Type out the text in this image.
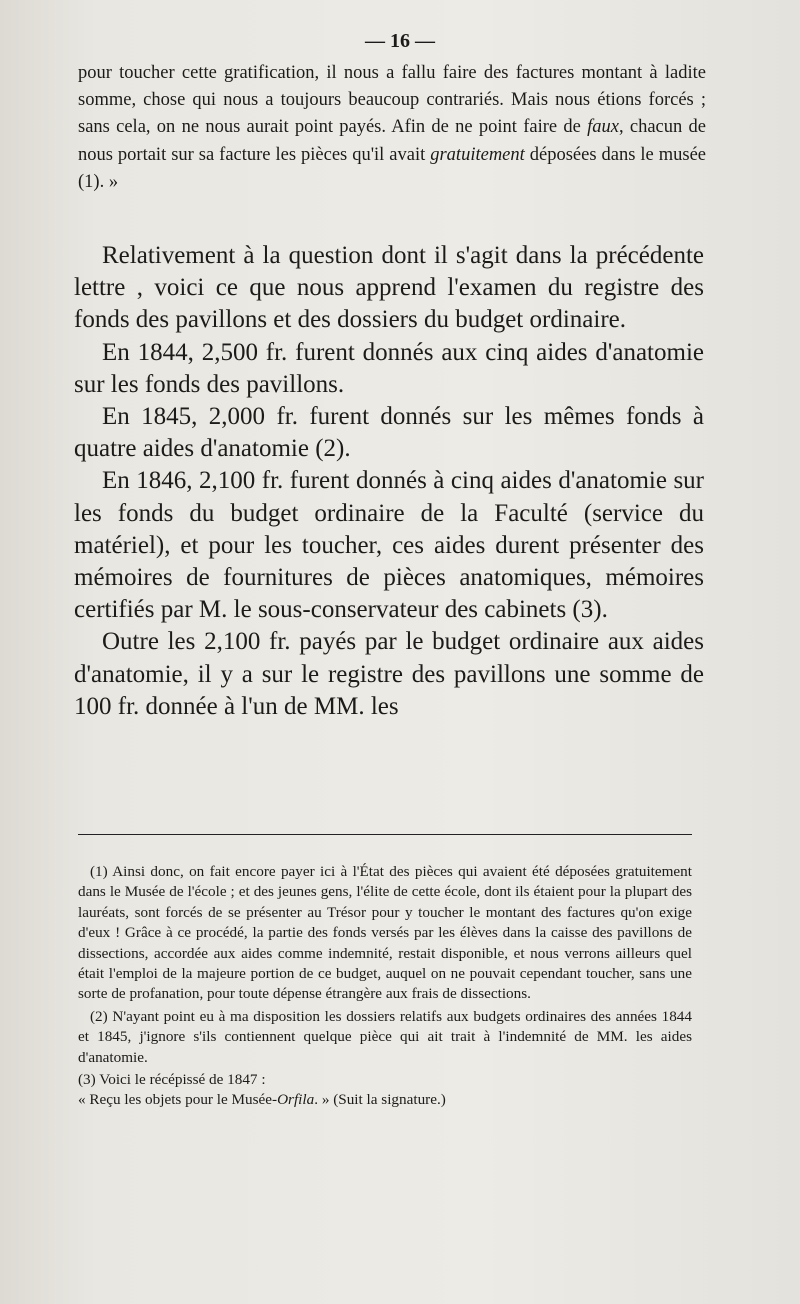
— 16 —

pour toucher cette gratification, il nous a fallu faire des factures montant à ladite somme, chose qui nous a toujours beaucoup contrariés. Mais nous étions forcés ; sans cela, on ne nous aurait point payés. Afin de ne point faire de faux, chacun de nous portait sur sa facture les pièces qu'il avait gratuitement déposées dans le musée (1). »

Relativement à la question dont il s'agit dans la précédente lettre , voici ce que nous apprend l'examen du registre des fonds des pavillons et des dossiers du budget ordinaire.

En 1844, 2,500 fr. furent donnés aux cinq aides d'anatomie sur les fonds des pavillons.

En 1845, 2,000 fr. furent donnés sur les mêmes fonds à quatre aides d'anatomie (2).

En 1846, 2,100 fr. furent donnés à cinq aides d'anatomie sur les fonds du budget ordinaire de la Faculté (service du matériel), et pour les toucher, ces aides durent présenter des mémoires de fournitures de pièces anatomiques, mémoires certifiés par M. le sous-conservateur des cabinets (3).

Outre les 2,100 fr. payés par le budget ordinaire aux aides d'anatomie, il y a sur le registre des pavillons une somme de 100 fr. donnée à l'un de MM. les

(1) Ainsi donc, on fait encore payer ici à l'État des pièces qui avaient été déposées gratuitement dans le Musée de l'école ; et des jeunes gens, l'élite de cette école, dont ils étaient pour la plupart des lauréats, sont forcés de se présenter au Trésor pour y toucher le montant des factures qu'on exige d'eux ! Grâce à ce procédé, la partie des fonds versés par les élèves dans la caisse des pavillons de dissections, accordée aux aides comme indemnité, restait disponible, et nous verrons ailleurs quel était l'emploi de la majeure portion de ce budget, auquel on ne pouvait cependant toucher, sans une sorte de profanation, pour toute dépense étrangère aux frais de dissections.

(2) N'ayant point eu à ma disposition les dossiers relatifs aux budgets ordinaires des années 1844 et 1845, j'ignore s'ils contiennent quelque pièce qui ait trait à l'indemnité de MM. les aides d'anatomie.

(3) Voici le récépissé de 1847 :

« Reçu les objets pour le Musée-Orfila. » (Suit la signature.)
